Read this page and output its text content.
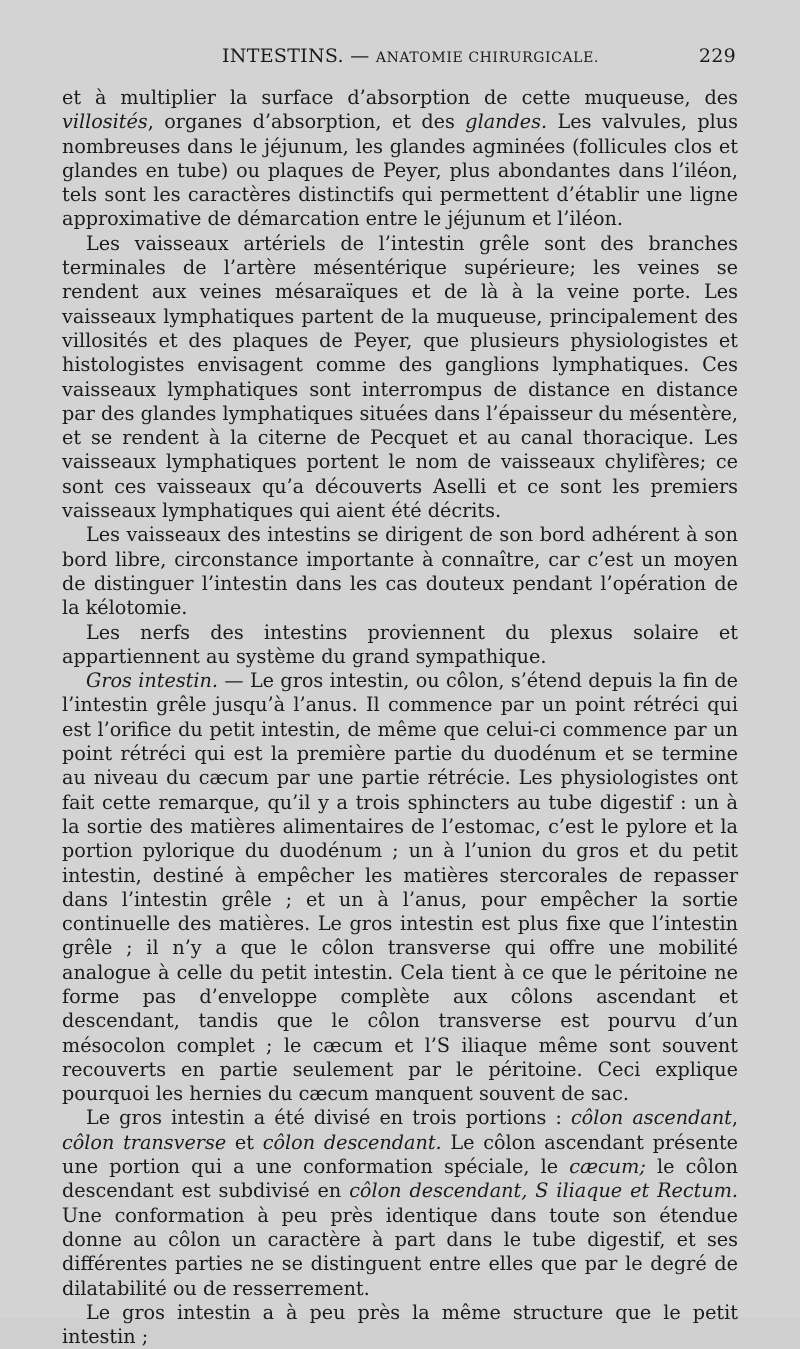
INTESTINS. — ANATOMIE CHIRURGICALE.	229

et à multiplier la surface d’absorption de cette muqueuse, des villosités, organes d’absorption, et des glandes. Les valvules, plus nombreuses dans le jéjunum, les glandes agminées (follicules clos et glandes en tube) ou plaques de Peyer, plus abondantes dans l’iléon, tels sont les caractères distinctifs qui permettent d’établir une ligne approximative de démarcation entre le jéjunum et l’iléon.

Les vaisseaux artériels de l’intestin grêle sont des branches terminales de l’artère mésentérique supérieure; les veines se rendent aux veines mésaraïques et de là à la veine porte. Les vaisseaux lymphatiques partent de la muqueuse, principalement des villosités et des plaques de Peyer, que plusieurs physiologistes et histologistes envisagent comme des ganglions lymphatiques. Ces vaisseaux lymphatiques sont interrompus de distance en distance par des glandes lymphatiques situées dans l’épaisseur du mésentère, et se rendent à la citerne de Pecquet et au canal thoracique. Les vaisseaux lymphatiques portent le nom de vaisseaux chylifères; ce sont ces vaisseaux qu’a découverts Aselli et ce sont les premiers vaisseaux lymphatiques qui aient été décrits.

Les vaisseaux des intestins se dirigent de son bord adhérent à son bord libre, circonstance importante à connaître, car c’est un moyen de distinguer l’intestin dans les cas douteux pendant l’opération de la kélotomie.

Les nerfs des intestins proviennent du plexus solaire et appartiennent au système du grand sympathique.

Gros intestin. — Le gros intestin, ou côlon, s’étend depuis la fin de l’intestin grêle jusqu’à l’anus. Il commence par un point rétréci qui est l’orifice du petit intestin, de même que celui-ci commence par un point rétréci qui est la première partie du duodénum et se termine au niveau du cæcum par une partie rétrécie. Les physiologistes ont fait cette remarque, qu’il y a trois sphincters au tube digestif : un à la sortie des matières alimentaires de l’estomac, c’est le pylore et la portion pylorique du duodénum ; un à l’union du gros et du petit intestin, destiné à empêcher les matières stercorales de repasser dans l’intestin grêle ; et un à l’anus, pour empêcher la sortie continuelle des matières. Le gros intestin est plus fixe que l’intestin grêle ; il n’y a que le côlon transverse qui offre une mobilité analogue à celle du petit intestin. Cela tient à ce que le péritoine ne forme pas d’enveloppe complète aux côlons ascendant et descendant, tandis que le côlon transverse est pourvu d’un mésocolon complet ; le cæcum et l’S iliaque même sont souvent recouverts en partie seulement par le péritoine. Ceci explique pourquoi les hernies du cæcum manquent souvent de sac.

Le gros intestin a été divisé en trois portions : côlon ascendant, côlon transverse et côlon descendant. Le côlon ascendant présente une portion qui a une conformation spéciale, le cæcum; le côlon descendant est subdivisé en côlon descendant, S iliaque et Rectum. Une conformation à peu près identique dans toute son étendue donne au côlon un caractère à part dans le tube digestif, et ses différentes parties ne se distinguent entre elles que par le degré de dilatabilité ou de resserrement.

Le gros intestin a à peu près la même structure que le petit intestin ;
